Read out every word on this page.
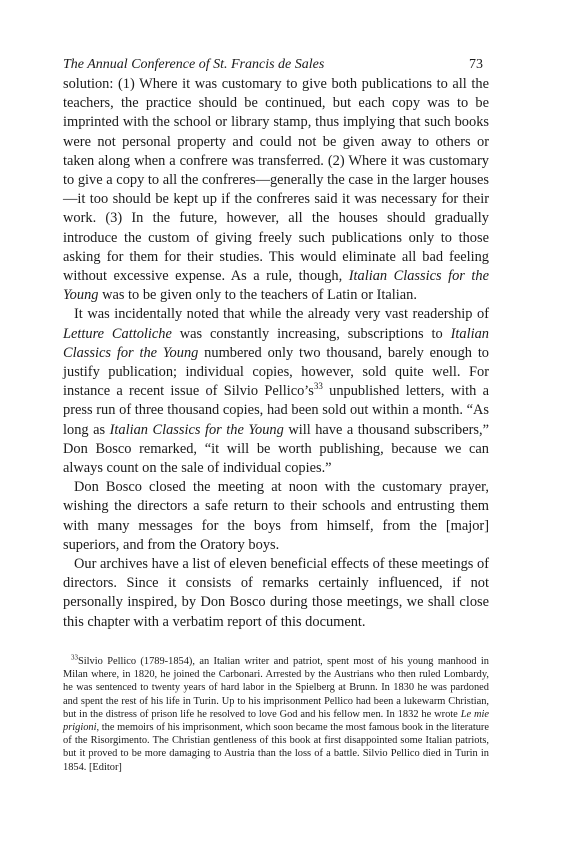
The Annual Conference of St. Francis de Sales	73

solution: (1) Where it was customary to give both publications to all the teachers, the practice should be continued, but each copy was to be imprinted with the school or library stamp, thus implying that such books were not personal property and could not be given away to others or taken along when a confrere was transferred. (2) Where it was customary to give a copy to all the confreres—generally the case in the larger houses—it too should be kept up if the confreres said it was necessary for their work. (3) In the future, however, all the houses should gradually introduce the custom of giving freely such publications only to those asking for them for their studies. This would eliminate all bad feeling without excessive expense. As a rule, though, Italian Classics for the Young was to be given only to the teachers of Latin or Italian.

It was incidentally noted that while the already very vast readership of Letture Cattoliche was constantly increasing, subscriptions to Italian Classics for the Young numbered only two thousand, barely enough to justify publication; individual copies, however, sold quite well. For instance a recent issue of Silvio $Pellico’s^{33}$ unpublished letters, with a press run of three thousand copies, had been sold out within a month. “As long as Italian Classics for the Young will have a thousand subscribers,” Don Bosco remarked, “it will be worth publishing, because we can always count on the sale of individual copies.”

Don Bosco closed the meeting at noon with the customary prayer, wishing the directors a safe return to their schools and entrusting them with many messages for the boys from himself, from the [major] superiors, and from the Oratory boys.

Our archives have a list of eleven beneficial effects of these meetings of directors. Since it consists of remarks certainly influenced, if not personally inspired, by Don Bosco during those meetings, we shall close this chapter with a verbatim report of this document.

$^{33}$Silvio Pellico (1789-1854), an Italian writer and patriot, spent most of his young manhood in Milan where, in 1820, he joined the Carbonari. Arrested by the Austrians who then ruled Lombardy, he was sentenced to twenty years of hard labor in the Spielberg at Brunn. In 1830 he was pardoned and spent the rest of his life in Turin. Up to his imprisonment Pellico had been a lukewarm Christian, but in the distress of prison life he resolved to love God and his fellow men. In 1832 he wrote Le mie prigioni, the memoirs of his imprisonment, which soon became the most famous book in the literature of the Risorgimento. The Christian gentleness of this book at first disappointed some Italian patriots, but it proved to be more damaging to Austria than the loss of a battle. Silvio Pellico died in Turin in 1854. [Editor]
